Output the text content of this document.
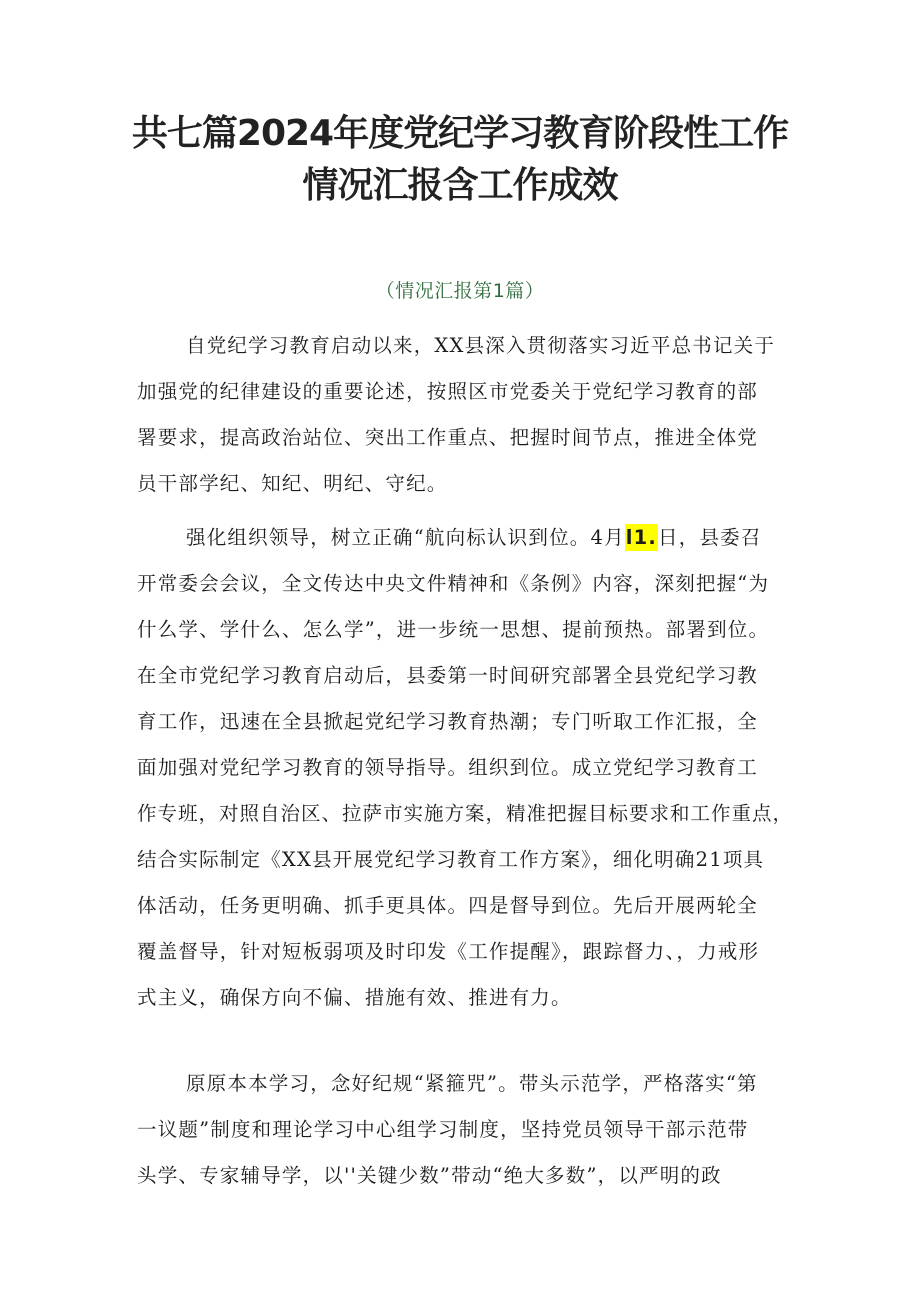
共七篇2024年度党纪学习教育阶段性工作
情况汇报含工作成效
（情况汇报第1篇）
自党纪学习教育启动以来，XX县深入贯彻落实习近平总书记关于
加强党的纪律建设的重要论述，按照区市党委关于党纪学习教育的部
署要求，提高政治站位、突出工作重点、把握时间节点，推进全体党
员干部学纪、知纪、明纪、守纪。
强化组织领导，树立正确“航向标认识到位。4月l1.日，县委召
开常委会会议，全文传达中央文件精神和《条例》内容，深刻把握“为
什么学、学什么、怎么学”，进一步统一思想、提前预热。部署到位。
在全市党纪学习教育启动后，县委第一时间研究部署全县党纪学习教
育工作，迅速在全县掀起党纪学习教育热潮；专门听取工作汇报，全
面加强对党纪学习教育的领导指导。组织到位。成立党纪学习教育工
作专班，对照自治区、拉萨市实施方案，精准把握目标要求和工作重点，
结合实际制定《XX县开展党纪学习教育工作方案》，细化明确21项具
体活动，任务更明确、抓手更具体。四是督导到位。先后开展两轮全
覆盖督导，针对短板弱项及时印发《工作提醒》，跟踪督力、，力戒形
式主义，确保方向不偏、措施有效、推进有力。
原原本本学习，念好纪规“紧箍咒”。带头示范学，严格落实“第
一议题”制度和理论学习中心组学习制度，坚持党员领导干部示范带
头学、专家辅导学，以''关键少数”带动“绝大多数”，以严明的政
